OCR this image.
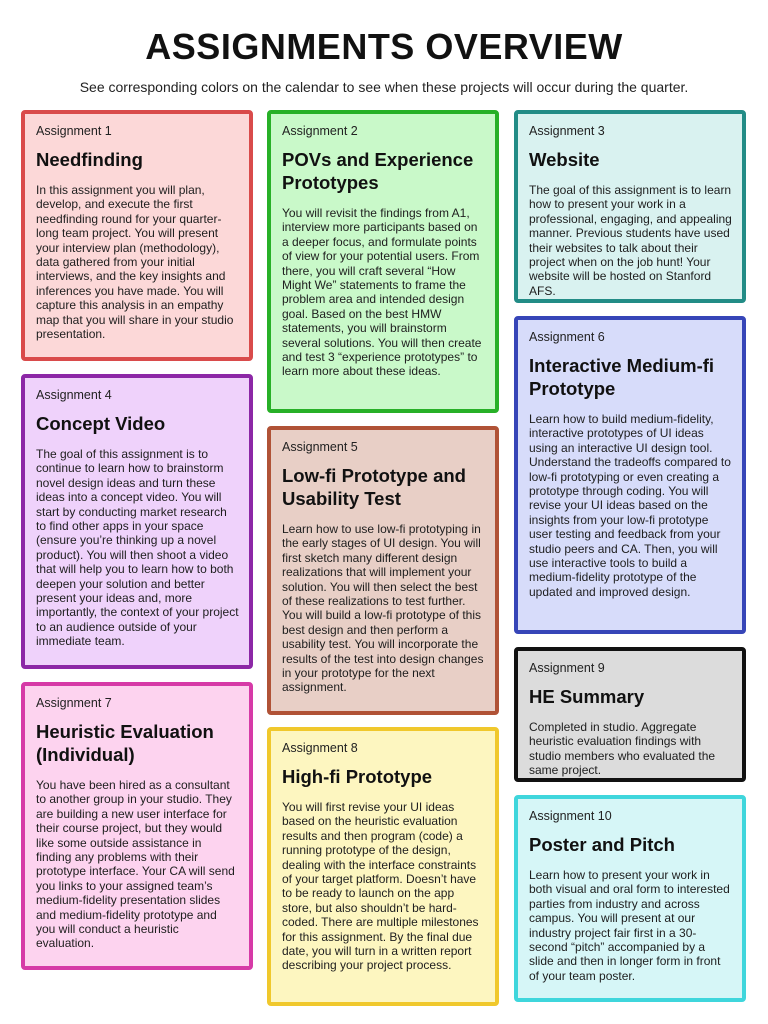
ASSIGNMENTS OVERVIEW
See corresponding colors on the calendar to see when these projects will occur during the quarter.
Assignment 1
Needfinding
In this assignment you will plan, develop, and execute the first needfinding round for your quarter-long team project. You will present your interview plan (methodology), data gathered from your initial interviews, and the key insights and inferences you have made. You will capture this analysis in an empathy map that you will share in your studio presentation.
Assignment 2
POVs and Experience Prototypes
You will revisit the findings from A1, interview more participants based on a deeper focus, and formulate points of view for your potential users. From there, you will craft several “How Might We” statements to frame the problem area and intended design goal. Based on the best HMW statements, you will brainstorm several solutions. You will then create and test 3 “experience prototypes” to learn more about these ideas.
Assignment 3
Website
The goal of this assignment is to learn how to present your work in a professional, engaging, and appealing manner. Previous students have used their websites to talk about their project when on the job hunt! Your website will be hosted on Stanford AFS.
Assignment 4
Concept Video
The goal of this assignment is to continue to learn how to brainstorm novel design ideas and turn these ideas into a concept video. You will start by conducting market research to find other apps in your space (ensure you’re thinking up a novel product). You will then shoot a video that will help you to learn how to both deepen your solution and better present your ideas and, more importantly, the context of your project to an audience outside of your immediate team.
Assignment 5
Low-fi Prototype and Usability Test
Learn how to use low-fi prototyping in the early stages of UI design. You will first sketch many different design realizations that will implement your solution. You will then select the best of these realizations to test further. You will build a low-fi prototype of this best design and then perform a usability test. You will incorporate the results of the test into design changes in your prototype for the next assignment.
Assignment 6
Interactive Medium-fi Prototype
Learn how to build medium-fidelity, interactive prototypes of UI ideas using an interactive UI design tool. Understand the tradeoffs compared to low-fi prototyping or even creating a prototype through coding. You will revise your UI ideas based on the insights from your low-fi prototype user testing and feedback from your studio peers and CA. Then, you will use interactive tools to build a medium-fidelity prototype of the updated and improved design.
Assignment 7
Heuristic Evaluation (Individual)
You have been hired as a consultant to another group in your studio. They are building a new user interface for their course project, but they would like some outside assistance in finding any problems with their prototype interface. Your CA will send you links to your assigned team’s medium-fidelity presentation slides and medium-fidelity prototype and you will conduct a heuristic evaluation.
Assignment 8
High-fi Prototype
You will first revise your UI ideas based on the heuristic evaluation results and then program (code) a running prototype of the design, dealing with the interface constraints of your target platform. Doesn’t have to be ready to launch on the app store, but also shouldn’t be hard-coded. There are multiple milestones for this assignment. By the final due date, you will turn in a written report describing your project process.
Assignment 9
HE Summary
Completed in studio. Aggregate heuristic evaluation findings with studio members who evaluated the same project.
Assignment 10
Poster and Pitch
Learn how to present your work in both visual and oral form to interested parties from industry and across campus. You will present at our industry project fair first in a 30-second “pitch” accompanied by a slide and then in longer form in front of your team poster.
